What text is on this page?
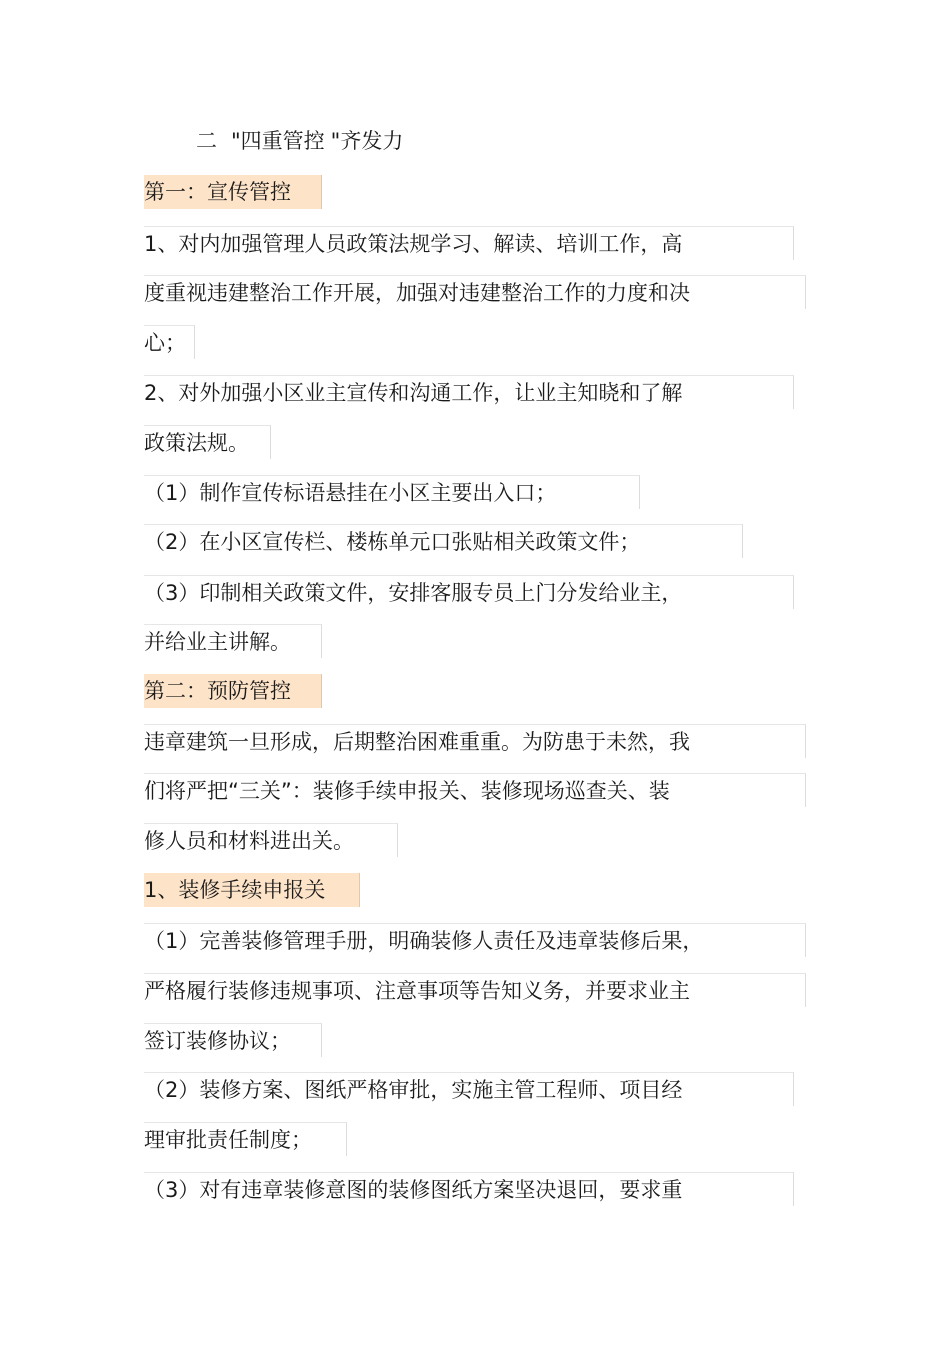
二 "四重管控 "齐发力
第一：宣传管控
1、对内加强管理人员政策法规学习、解读、培训工作，高
度重视违建整治工作开展，加强对违建整治工作的力度和决
心；
2、对外加强小区业主宣传和沟通工作，让业主知晓和了解
政策法规。
（1）制作宣传标语悬挂在小区主要出入口；
（2）在小区宣传栏、楼栋单元口张贴相关政策文件；
（3）印制相关政策文件，安排客服专员上门分发给业主，
并给业主讲解。
第二：预防管控
违章建筑一旦形成，后期整治困难重重。为防患于未然，我
们将严把“三关”：装修手续申报关、装修现场巡查关、装
修人员和材料进出关。
1、装修手续申报关
（1）完善装修管理手册，明确装修人责任及违章装修后果，
严格履行装修违规事项、注意事项等告知义务，并要求业主
签订装修协议；
（2）装修方案、图纸严格审批，实施主管工程师、项目经
理审批责任制度；
（3）对有违章装修意图的装修图纸方案坚决退回，要求重
